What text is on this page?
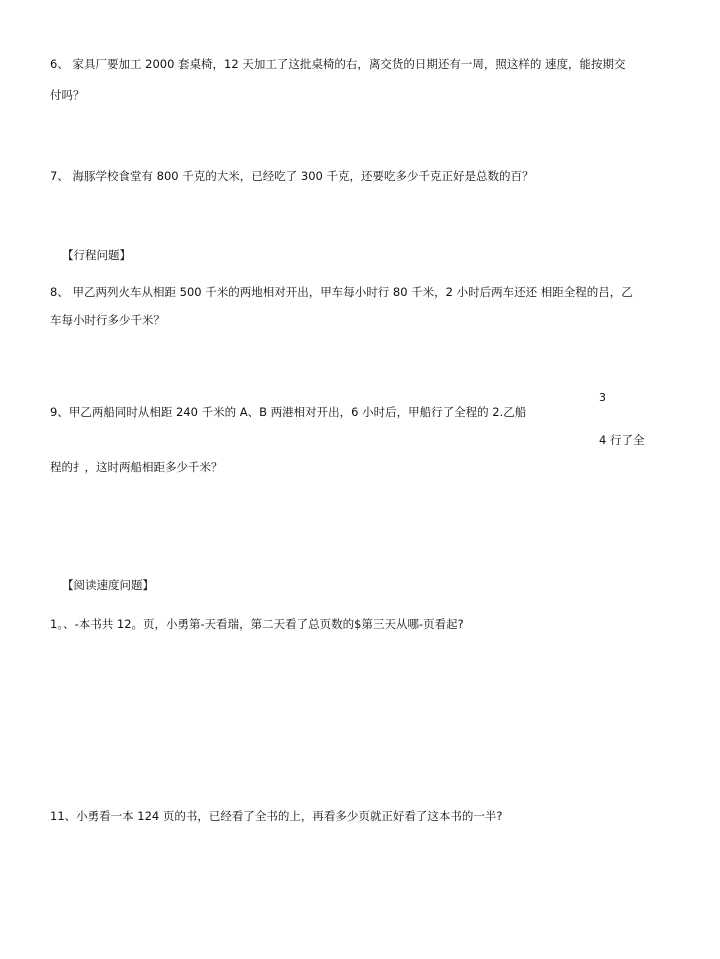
6、 家具厂要加工 2000 套桌椅，12 天加工了这批桌椅的右，离交货的日期还有一周，照这样的 速度，能按期交
付吗？
7、 海豚学校食堂有 800 千克的大米，已经吃了 300 千克，还要吃多少千克正好是总数的百？
【行程问题】
8、 甲乙两列火车从相距 500 千米的两地相对开出，甲车每小时行 80 千米，2 小时后两车还还 相距全程的吕，乙
车每小时行多少千米？
3
9、甲乙两船同时从相距 240 千米的 A、B 两港相对开出，6 小时后，甲船行了全程的 2.乙船
4 行了全
程的扌，这时两船相距多少千米？
【阅读速度问题】
1。、-本书共 12。页，小勇第-天看瑞，第二天看了总页数的$第三天从哪-页看起?
11、小勇看一本 124 页的书，已经看了全书的上，再看多少页就正好看了这本书的一半?
